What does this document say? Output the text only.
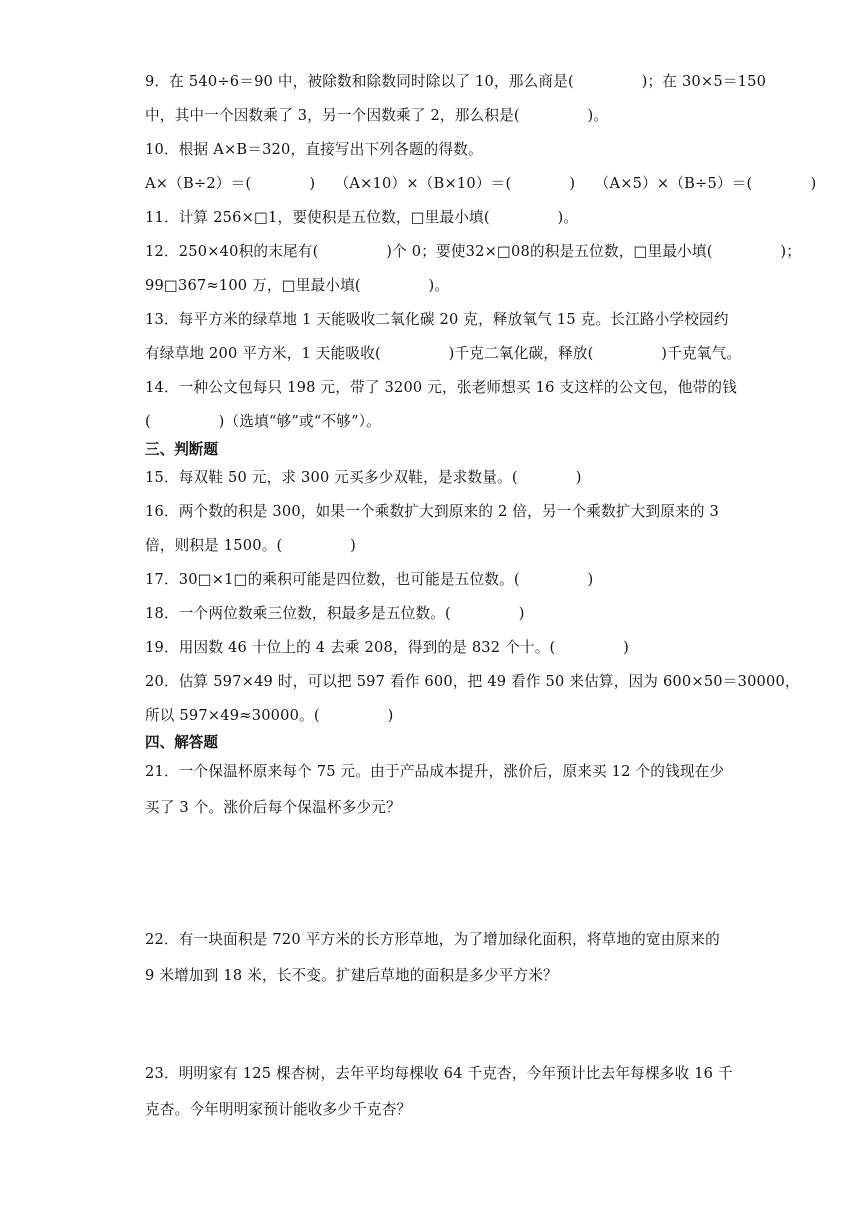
9．在 540÷6＝90 中，被除数和除数同时除以了 10，那么商是(              )；在 30×5＝150
中，其中一个因数乘了 3，另一个因数乘了 2，那么积是(              )。
10．根据 A×B＝320，直接写出下列各题的得数。
A×（B÷2）＝(            )    （A×10）×（B×10）＝(            )    （A×5）×（B÷5）＝(            )
11．计算 256×□1，要使积是五位数，□里最小填(              )。
12．250×40积的末尾有(              )个 0；要使32×□08的积是五位数，□里最小填(              )；
99□367≈100 万，□里最小填(              )。
13．每平方米的绿草地 1 天能吸收二氧化碳 20 克，释放氧气 15 克。长江路小学校园约
有绿草地 200 平方米，1 天能吸收(              )千克二氧化碳，释放(              )千克氧气。
14．一种公文包每只 198 元，带了 3200 元，张老师想买 16 支这样的公文包，他带的钱
(              )（选填“够”或“不够”）。
三、判断题
15．每双鞋 50 元，求 300 元买多少双鞋，是求数量。(            )
16．两个数的积是 300，如果一个乘数扩大到原来的 2 倍，另一个乘数扩大到原来的 3
倍，则积是 1500。(              )
17．30□×1□的乘积可能是四位数，也可能是五位数。(              )
18．一个两位数乘三位数，积最多是五位数。(              )
19．用因数 46 十位上的 4 去乘 208，得到的是 832 个十。(              )
20．估算 597×49 时，可以把 597 看作 600，把 49 看作 50 来估算，因为 600×50＝30000，
所以 597×49≈30000。(              )
四、解答题
21．一个保温杯原来每个 75 元。由于产品成本提升，涨价后，原来买 12 个的钱现在少
买了 3 个。涨价后每个保温杯多少元？
22．有一块面积是 720 平方米的长方形草地，为了增加绿化面积，将草地的宽由原来的
9 米增加到 18 米，长不变。扩建后草地的面积是多少平方米？
23．明明家有 125 棵杏树，去年平均每棵收 64 千克杏，今年预计比去年每棵多收 16 千
克杏。今年明明家预计能收多少千克杏？
